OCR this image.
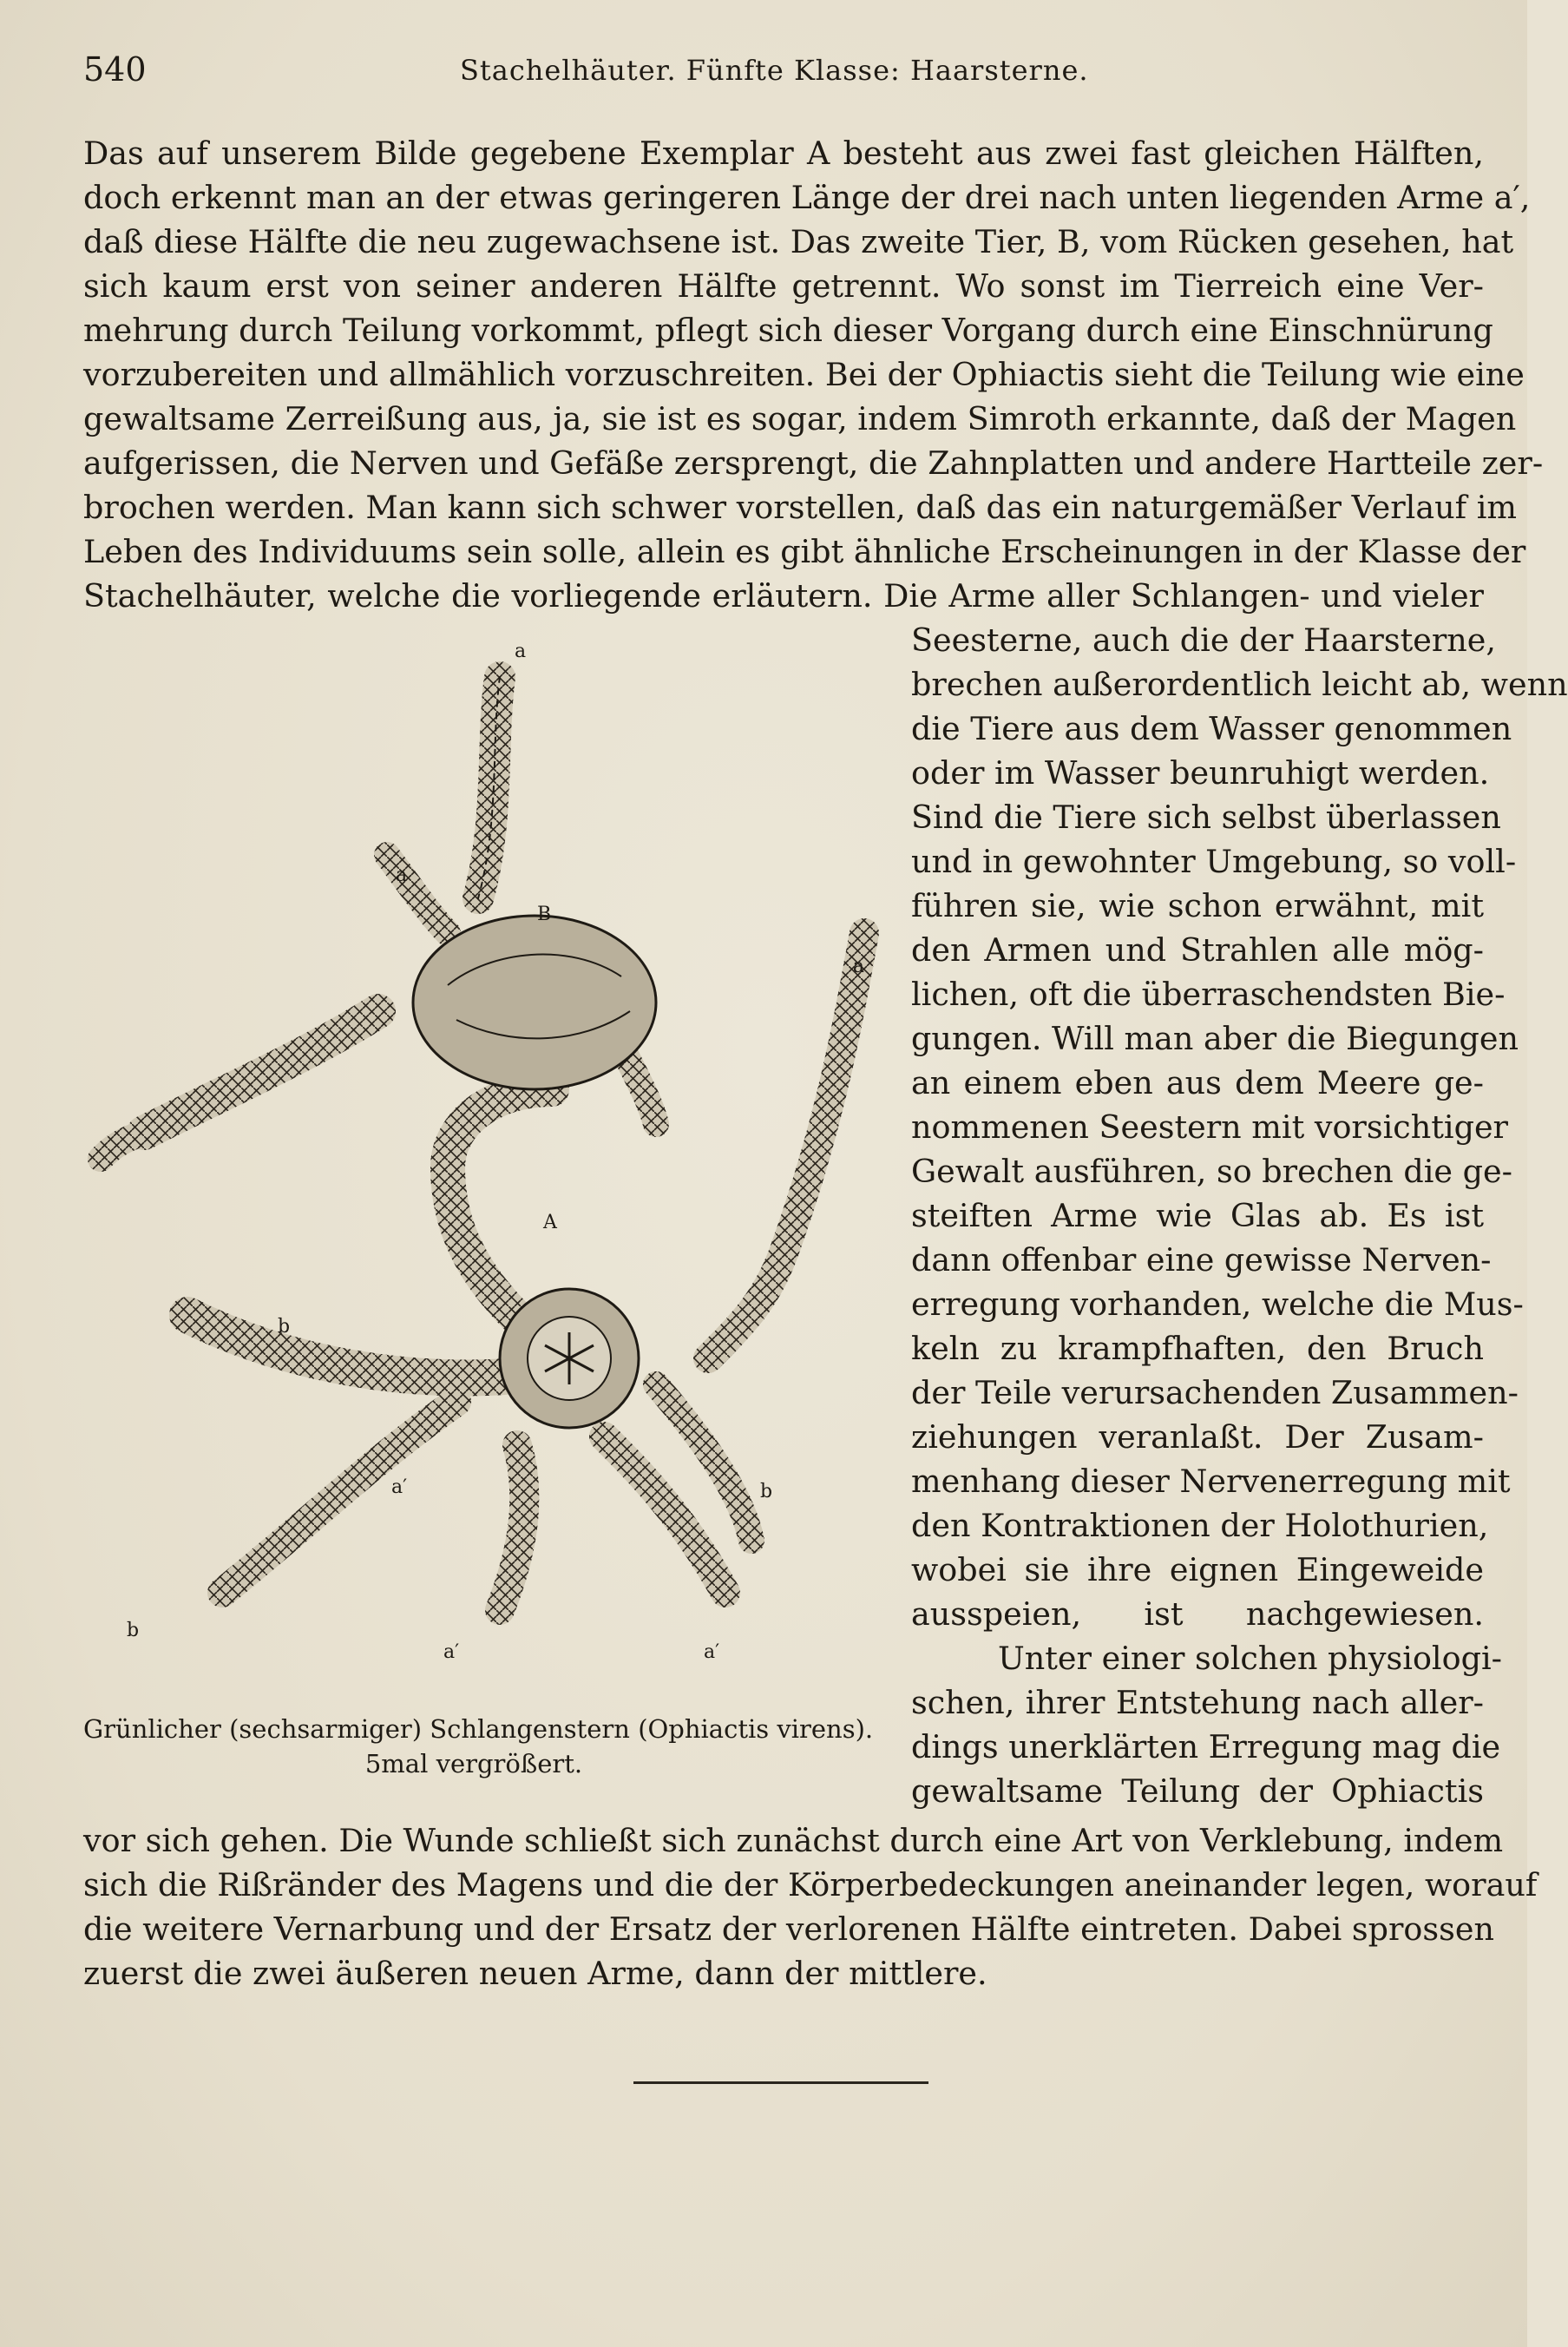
540	Stachelhäuter. Fünfte Klasse: Haarsterne.
Das auf unserem Bilde gegebene Exemplar A besteht aus zwei fast gleichen Hälften,
doch erkennt man an der etwas geringeren Länge der drei nach unten liegenden Arme a′,
daß diese Hälfte die neu zugewachsene ist. Das zweite Tier, B, vom Rücken gesehen, hat
sich kaum erst von seiner anderen Hälfte getrennt. Wo sonst im Tierreich eine Ver-
mehrung durch Teilung vorkommt, pflegt sich dieser Vorgang durch eine Einschnürung
vorzubereiten und allmählich vorzuschreiten. Bei der Ophiactis sieht die Teilung wie eine
gewaltsame Zerreißung aus, ja, sie ist es sogar, indem Simroth erkannte, daß der Magen
aufgerissen, die Nerven und Gefäße zersprengt, die Zahnplatten und andere Hartteile zer-
brochen werden. Man kann sich schwer vorstellen, daß das ein naturgemäßer Verlauf im
Leben des Individuums sein solle, allein es gibt ähnliche Erscheinungen in der Klasse der
Stachelhäuter, welche die vorliegende erläutern. Die Arme aller Schlangen- und vieler
Seesterne, auch die der Haarsterne,
brechen außerordentlich leicht ab, wenn
die Tiere aus dem Wasser genommen
oder im Wasser beunruhigt werden.
Sind die Tiere sich selbst überlassen
und in gewohnter Umgebung, so voll-
führen sie, wie schon erwähnt, mit
den Armen und Strahlen alle mög-
lichen, oft die überraschendsten Bie-
gungen. Will man aber die Biegungen
an einem eben aus dem Meere ge-
nommenen Seestern mit vorsichtiger
Gewalt ausführen, so brechen die ge-
steiften Arme wie Glas ab. Es ist
dann offenbar eine gewisse Nerven-
erregung vorhanden, welche die Mus-
keln zu krampfhaften, den Bruch
der Teile verursachenden Zusammen-
ziehungen veranlaßt. Der Zusam-
menhang dieser Nervenerregung mit
den Kontraktionen der Holothurien,
wobei sie ihre eignen Eingeweide
ausspeien, ist nachgewiesen.
Unter einer solchen physiologi-
schen, ihrer Entstehung nach aller-
dings unerklärten Erregung mag die
gewaltsame Teilung der Ophiactis
a
a
B
a
A
b
a′	b
b
a′	a′
Grünlicher (sechsarmiger) Schlangenstern (Ophiactis virens).
5mal vergrößert.
vor sich gehen. Die Wunde schließt sich zunächst durch eine Art von Verklebung, indem
sich die Rißränder des Magens und die der Körperbedeckungen aneinander legen, worauf
die weitere Vernarbung und der Ersatz der verlorenen Hälfte eintreten. Dabei sprossen
zuerst die zwei äußeren neuen Arme, dann der mittlere.
